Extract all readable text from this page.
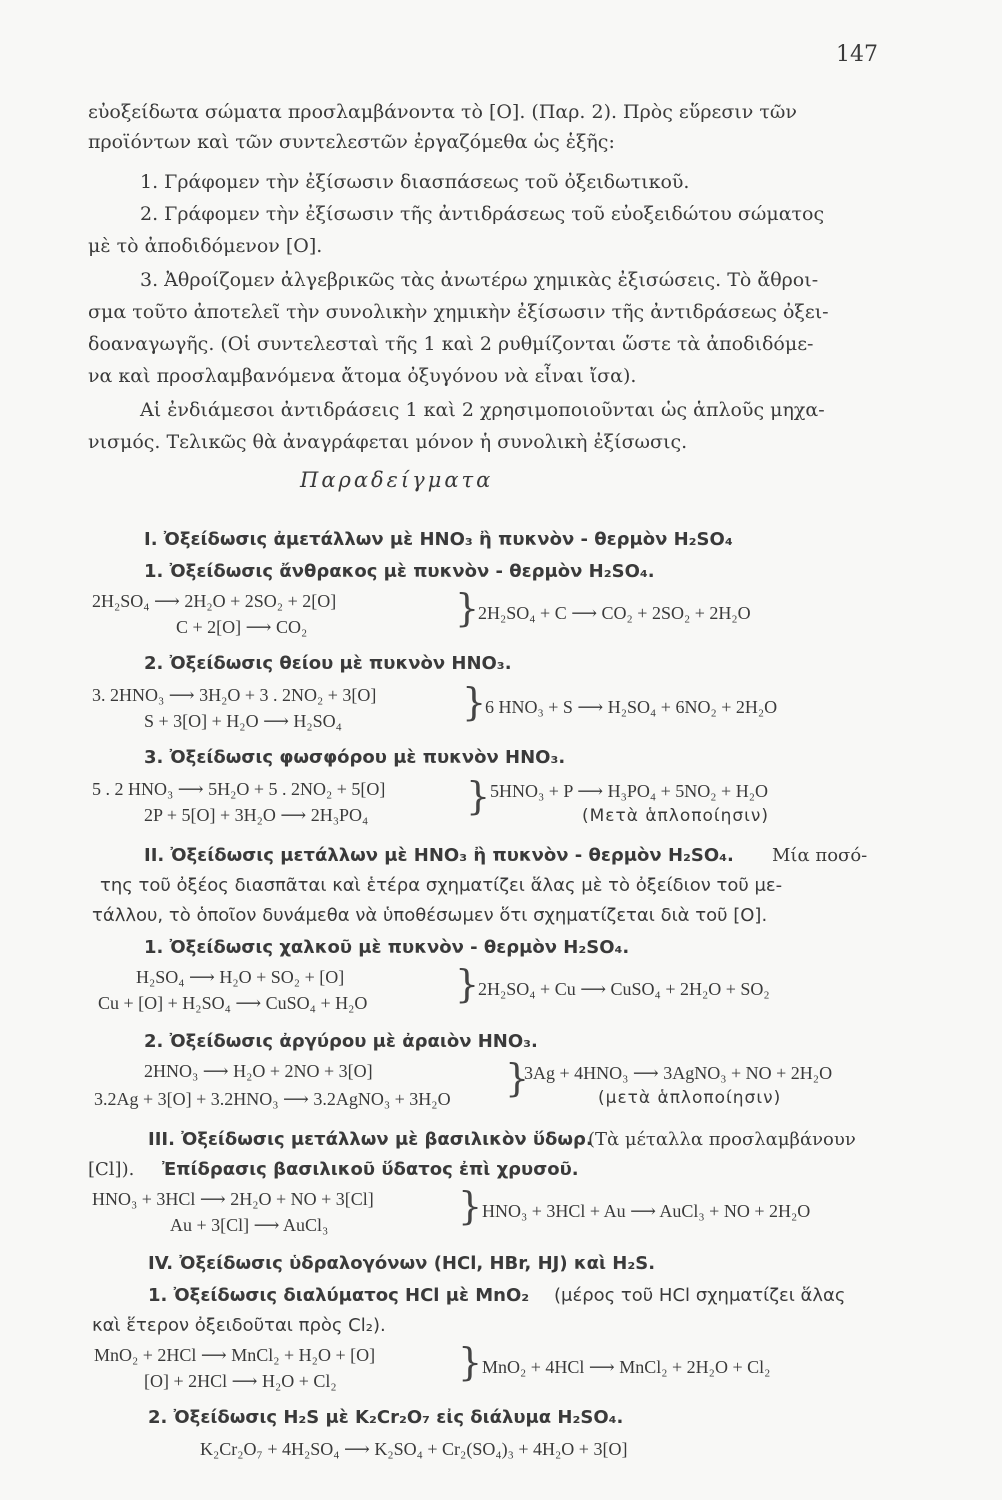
147
εὐοξείδωτα σώματα προσλαμβάνοντα τὸ [O]. (Παρ. 2). Πρὸς εὕρεσιν τῶν
προϊόντων καὶ τῶν συντελεστῶν ἐργαζόμεθα ὡς ἑξῆς:
1. Γράφομεν τὴν ἐξίσωσιν διασπάσεως τοῦ ὀξειδωτικοῦ.
2. Γράφομεν τὴν ἐξίσωσιν τῆς ἀντιδράσεως τοῦ εὐοξειδώτου σώματος
μὲ τὸ ἀποδιδόμενον [O].
3. Ἀθροίζομεν ἀλγεβρικῶς τὰς ἀνωτέρω χημικὰς ἐξισώσεις. Τὸ ἄθροι-
σμα τοῦτο ἀποτελεῖ τὴν συνολικὴν χημικὴν ἐξίσωσιν τῆς ἀντιδράσεως ὀξει-
δοαναγωγῆς. (Οἱ συντελεσταὶ τῆς 1 καὶ 2 ρυθμίζονται ὥστε τὰ ἀποδιδόμε-
να καὶ προσλαμβανόμενα ἄτομα ὀξυγόνου νὰ εἶναι ἴσα).
Αἱ ἐνδιάμεσοι ἀντιδράσεις 1 καὶ 2 χρησιμοποιοῦνται ὡς ἁπλοῦς μηχα-
νισμός. Τελικῶς θὰ ἀναγράφεται μόνον ἡ συνολικὴ ἐξίσωσις.
Παραδείγματα
I. Ὀξείδωσις ἀμετάλλων μὲ HNO₃ ἢ πυκνὸν - θερμὸν H₂SO₄
1. Ὀξείδωσις ἄνθρακος μὲ πυκνὸν - θερμὸν H₂SO₄.
2H₂SO₄ ⟶ 2H₂O + 2SO₂ + 2[O]
C + 2[O] ⟶ CO₂	}
2H₂SO₄ + C ⟶ CO₂ + 2SO₂ + 2H₂O
2. Ὀξείδωσις θείου μὲ πυκνὸν HNO₃.
3. 2HNO₃ ⟶ 3H₂O + 3 . 2NO₂ + 3[O]
S + 3[O] + H₂O ⟶ H₂SO₄	}
6 HNO₃ + S ⟶ H₂SO₄ + 6NO₂ + 2H₂O
3. Ὀξείδωσις φωσφόρου μὲ πυκνὸν HNO₃.
5 . 2 HNO₃ ⟶ 5H₂O + 5 . 2NO₂ + 5[O]
2P + 5[O] + 3H₂O ⟶ 2H₃PO₄	} 5HNO₃ + P ⟶ H₃PO₄ + 5NO₂ + H₂O
(Μετὰ ἁπλοποίησιν)
II. Ὀξείδωσις μετάλλων μὲ HNO₃ ἢ πυκνὸν - θερμὸν H₂SO₄. Μία ποσό-
της τοῦ ὀξέος διασπᾶται καὶ ἑτέρα σχηματίζει ἅλας μὲ τὸ ὀξείδιον τοῦ με-
τάλλου, τὸ ὁποῖον δυνάμεθα νὰ ὑποθέσωμεν ὅτι σχηματίζεται διὰ τοῦ [O].
1. Ὀξείδωσις χαλκοῦ μὲ πυκνὸν - θερμὸν H₂SO₄.
H₂SO₄ ⟶ H₂O + SO₂ + [O]
Cu + [O] + H₂SO₄ ⟶ CuSO₄ + H₂O }
2H₂SO₄ + Cu ⟶ CuSO₄ + 2H₂O + SO₂
2. Ὀξείδωσις ἀργύρου μὲ ἀραιὸν HNO₃.
2HNO₃ ⟶ H₂O + 2NO + 3[O]
3.2Ag + 3[O] + 3.2HNO₃ ⟶ 3.2AgNO₃ + 3H₂O }
3Ag + 4HNO₃ ⟶ 3AgNO₃ + NO + 2H₂O
(μετὰ ἁπλοποίησιν)
III. Ὀξείδωσις μετάλλων μὲ βασιλικὸν ὕδωρ.
(Τὰ μέταλλα προσλαμβάνουν
[Cl]). Ἐπίδρασις βασιλικοῦ ὕδατος ἐπὶ χρυσοῦ.
HNO₃ + 3HCl ⟶ 2H₂O + NO + 3[Cl]
Au + 3[Cl] ⟶ AuCl₃	} HNO₃ + 3HCl + Au ⟶ AuCl₃ + NO + 2H₂O
IV. Ὀξείδωσις ὑδραλογόνων (HCl, HBr, HJ) καὶ H₂S.
1. Ὀξείδωσις διαλύματος HCl μὲ MnO₂ (μέρος τοῦ HCl σχηματίζει ἅλας
καὶ ἕτερον ὀξειδοῦται πρὸς Cl₂).
MnO₂ + 2HCl ⟶ MnCl₂ + H₂O + [O]
[O] + 2HCl ⟶ H₂O + Cl₂	} MnO₂ + 4HCl ⟶ MnCl₂ + 2H₂O + Cl₂
2. Ὀξείδωσις H₂S μὲ K₂Cr₂O₇ εἰς διάλυμα H₂SO₄.
K₂Cr₂O₇ + 4H₂SO₄ ⟶ K₂SO₄ + Cr₂(SO₄)₃ + 4H₂O + 3[O]
